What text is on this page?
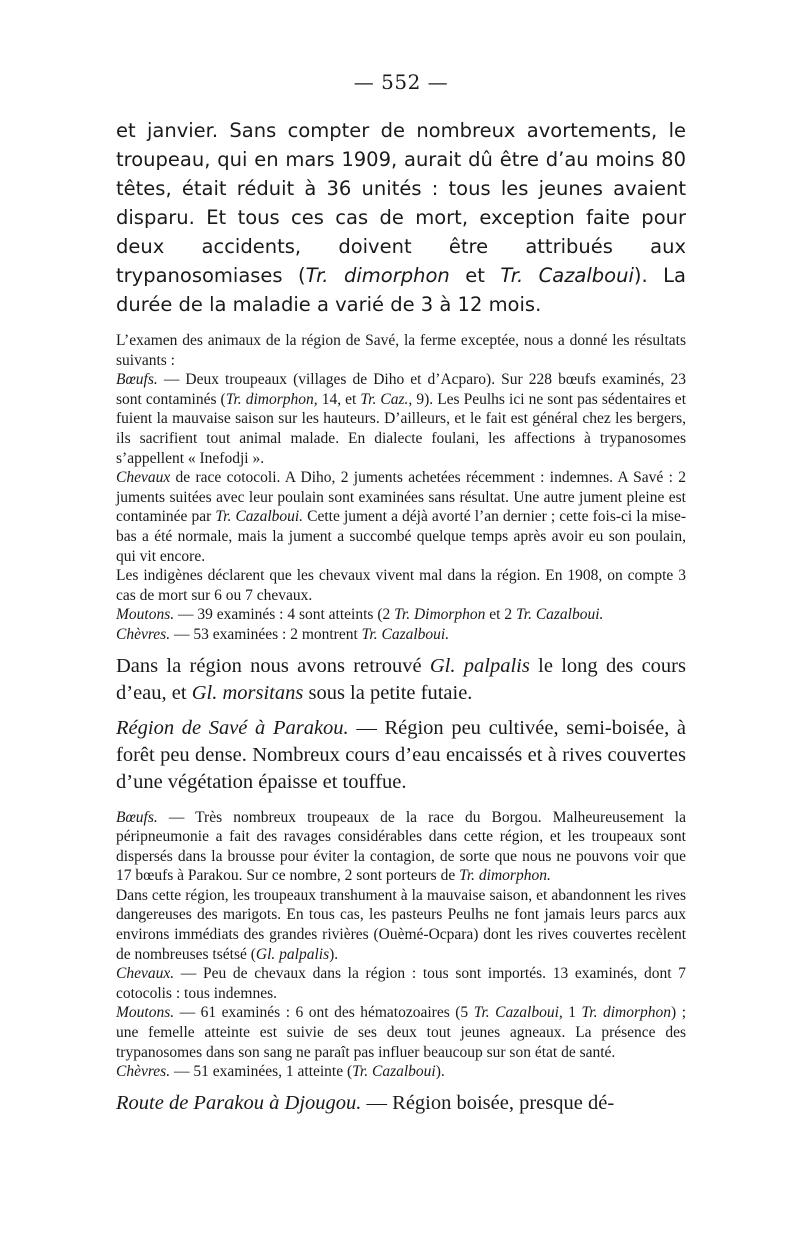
— 552 —

et janvier. Sans compter de nombreux avortements, le troupeau, qui en mars 1909, aurait dû être d’au moins 80 têtes, était réduit à 36 unités : tous les jeunes avaient disparu. Et tous ces cas de mort, exception faite pour deux accidents, doivent être attribués aux trypanosomiases (Tr. dimorphon et Tr. Cazalboui). La durée de la maladie a varié de 3 à 12 mois.

L’examen des animaux de la région de Savé, la ferme exceptée, nous a donné les résultats suivants :

Bœufs. — Deux troupeaux (villages de Diho et d’Acparo). Sur 228 bœufs examinés, 23 sont contaminés (Tr. dimorphon, 14, et Tr. Caz., 9). Les Peulhs ici ne sont pas sédentaires et fuient la mauvaise saison sur les hauteurs. D’ailleurs, et le fait est général chez les bergers, ils sacrifient tout animal malade. En dialecte foulani, les affections à trypanosomes s’appellent « Inefodji ».

Chevaux de race cotocoli. A Diho, 2 juments achetées récemment : indemnes. A Savé : 2 juments suitées avec leur poulain sont examinées sans résultat. Une autre jument pleine est contaminée par Tr. Cazalboui. Cette jument a déjà avorté l’an dernier ; cette fois-ci la mise-bas a été normale, mais la jument a succombé quelque temps après avoir eu son poulain, qui vit encore.

Les indigènes déclarent que les chevaux vivent mal dans la région. En 1908, on compte 3 cas de mort sur 6 ou 7 chevaux.

Moutons. — 39 examinés : 4 sont atteints (2 Tr. Dimorphon et 2 Tr. Cazalboui.

Chèvres. — 53 examinées : 2 montrent Tr. Cazalboui.

Dans la région nous avons retrouvé Gl. palpalis le long des cours d’eau, et Gl. morsitans sous la petite futaie.

Région de Savé à Parakou. — Région peu cultivée, semi-boisée, à forêt peu dense. Nombreux cours d’eau encaissés et à rives couvertes d’une végétation épaisse et touffue.

Bœufs. — Très nombreux troupeaux de la race du Borgou. Malheureusement la péripneumonie a fait des ravages considérables dans cette région, et les troupeaux sont dispersés dans la brousse pour éviter la contagion, de sorte que nous ne pouvons voir que 17 bœufs à Parakou. Sur ce nombre, 2 sont porteurs de Tr. dimorphon.

Dans cette région, les troupeaux transhument à la mauvaise saison, et abandonnent les rives dangereuses des marigots. En tous cas, les pasteurs Peulhs ne font jamais leurs parcs aux environs immédiats des grandes rivières (Ouèmé-Ocpara) dont les rives couvertes recèlent de nombreuses tsétsé (Gl. palpalis).

Chevaux. — Peu de chevaux dans la région : tous sont importés. 13 examinés, dont 7 cotocolis : tous indemnes.

Moutons. — 61 examinés : 6 ont des hématozoaires (5 Tr. Cazalboui, 1 Tr. dimorphon) ; une femelle atteinte est suivie de ses deux tout jeunes agneaux. La présence des trypanosomes dans son sang ne paraît pas influer beaucoup sur son état de santé.

Chèvres. — 51 examinées, 1 atteinte (Tr. Cazalboui).

Route de Parakou à Djougou. — Région boisée, presque dé-
